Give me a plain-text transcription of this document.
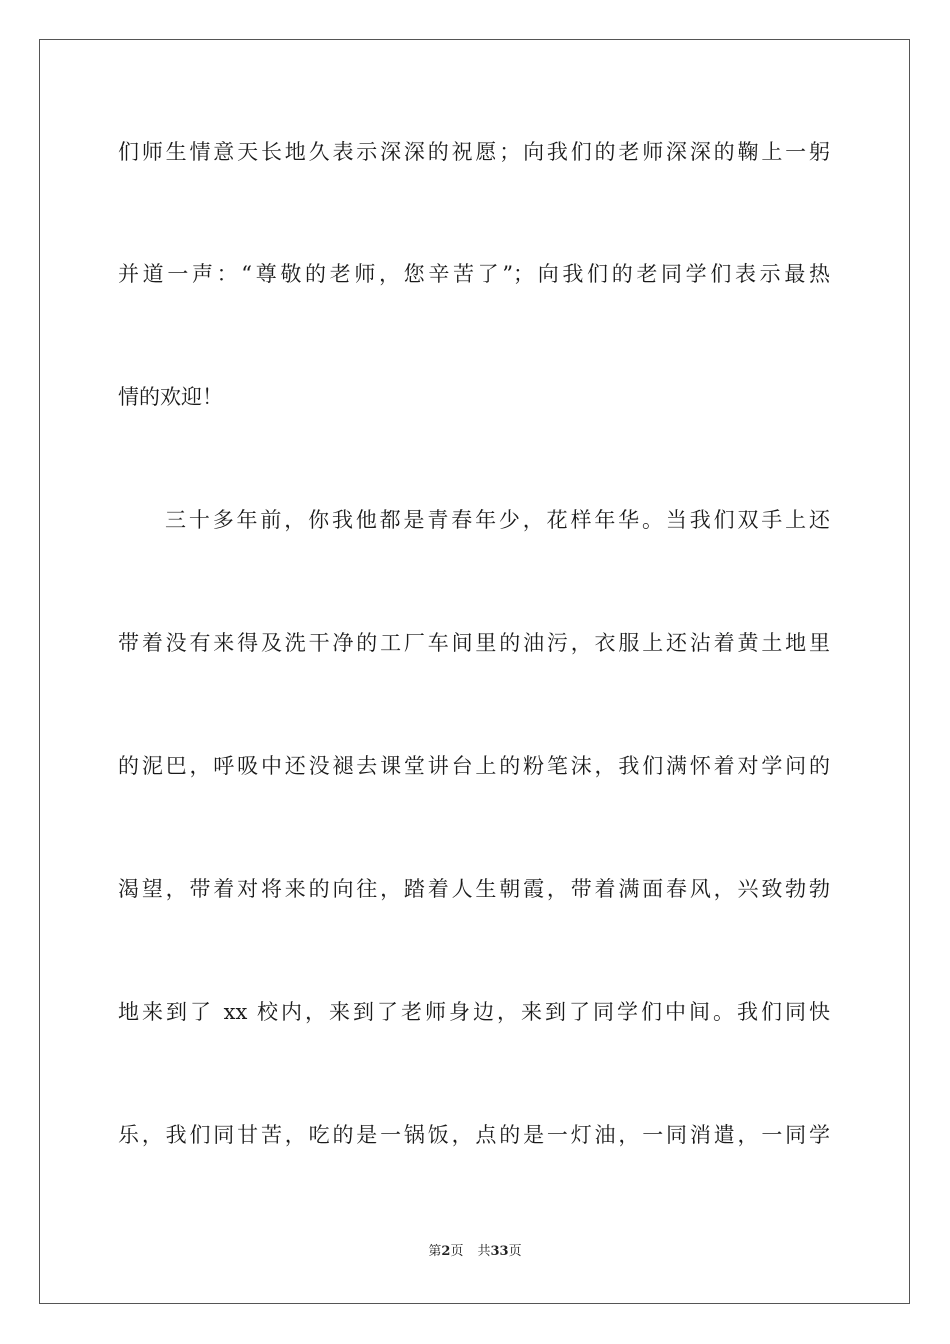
们师生情意天长地久表示深深的祝愿；向我们的老师深深的鞠上一躬
并道一声：“尊敬的老师，您辛苦了”；向我们的老同学们表示最热
情的欢迎！
三十多年前，你我他都是青春年少，花样年华。当我们双手上还
带着没有来得及洗干净的工厂车间里的油污，衣服上还沾着黄土地里
的泥巴，呼吸中还没褪去课堂讲台上的粉笔沫，我们满怀着对学问的
渴望，带着对将来的向往，踏着人生朝霞，带着满面春风，兴致勃勃
地来到了 xx 校内，来到了老师身边，来到了同学们中间。我们同快
乐，我们同甘苦，吃的是一锅饭，点的是一灯油，一同消遣，一同学
第2页 共33页
